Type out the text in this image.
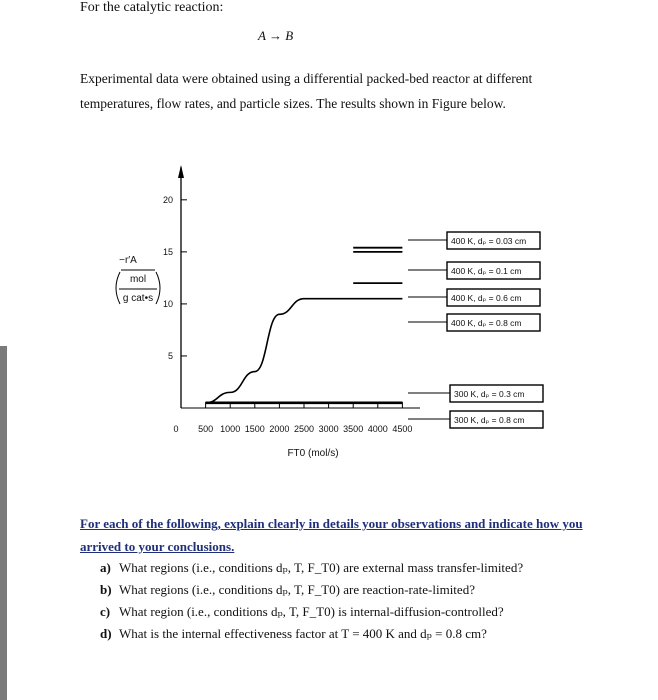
For the catalytic reaction:
A → B
Experimental data were obtained using a differential packed-bed reactor at different
temperatures, flow rates, and particle sizes. The results shown in Figure below.
5
10
15
20
0 500 1000 1500 2000 2500 3000 3500 4000 4500
FT0 (mol/s)
−r′A
mol
g cat•s
400 K, dₚ = 0.03 cm
400 K, dₚ = 0.1 cm
400 K, dₚ = 0.6 cm
400 K, dₚ = 0.8 cm
300 K, dₚ = 0.3 cm
300 K, dₚ = 0.8 cm
For each of the following, explain clearly in details your observations and indicate how you
arrived to your conclusions.
a) What regions (i.e., conditions dₚ, T, F_T0) are external mass transfer-limited?
b) What regions (i.e., conditions dₚ, T, F_T0) are reaction-rate-limited?
c) What region (i.e., conditions dₚ, T, F_T0) is internal-diffusion-controlled?
d) What is the internal effectiveness factor at T = 400 K and dₚ = 0.8 cm?
